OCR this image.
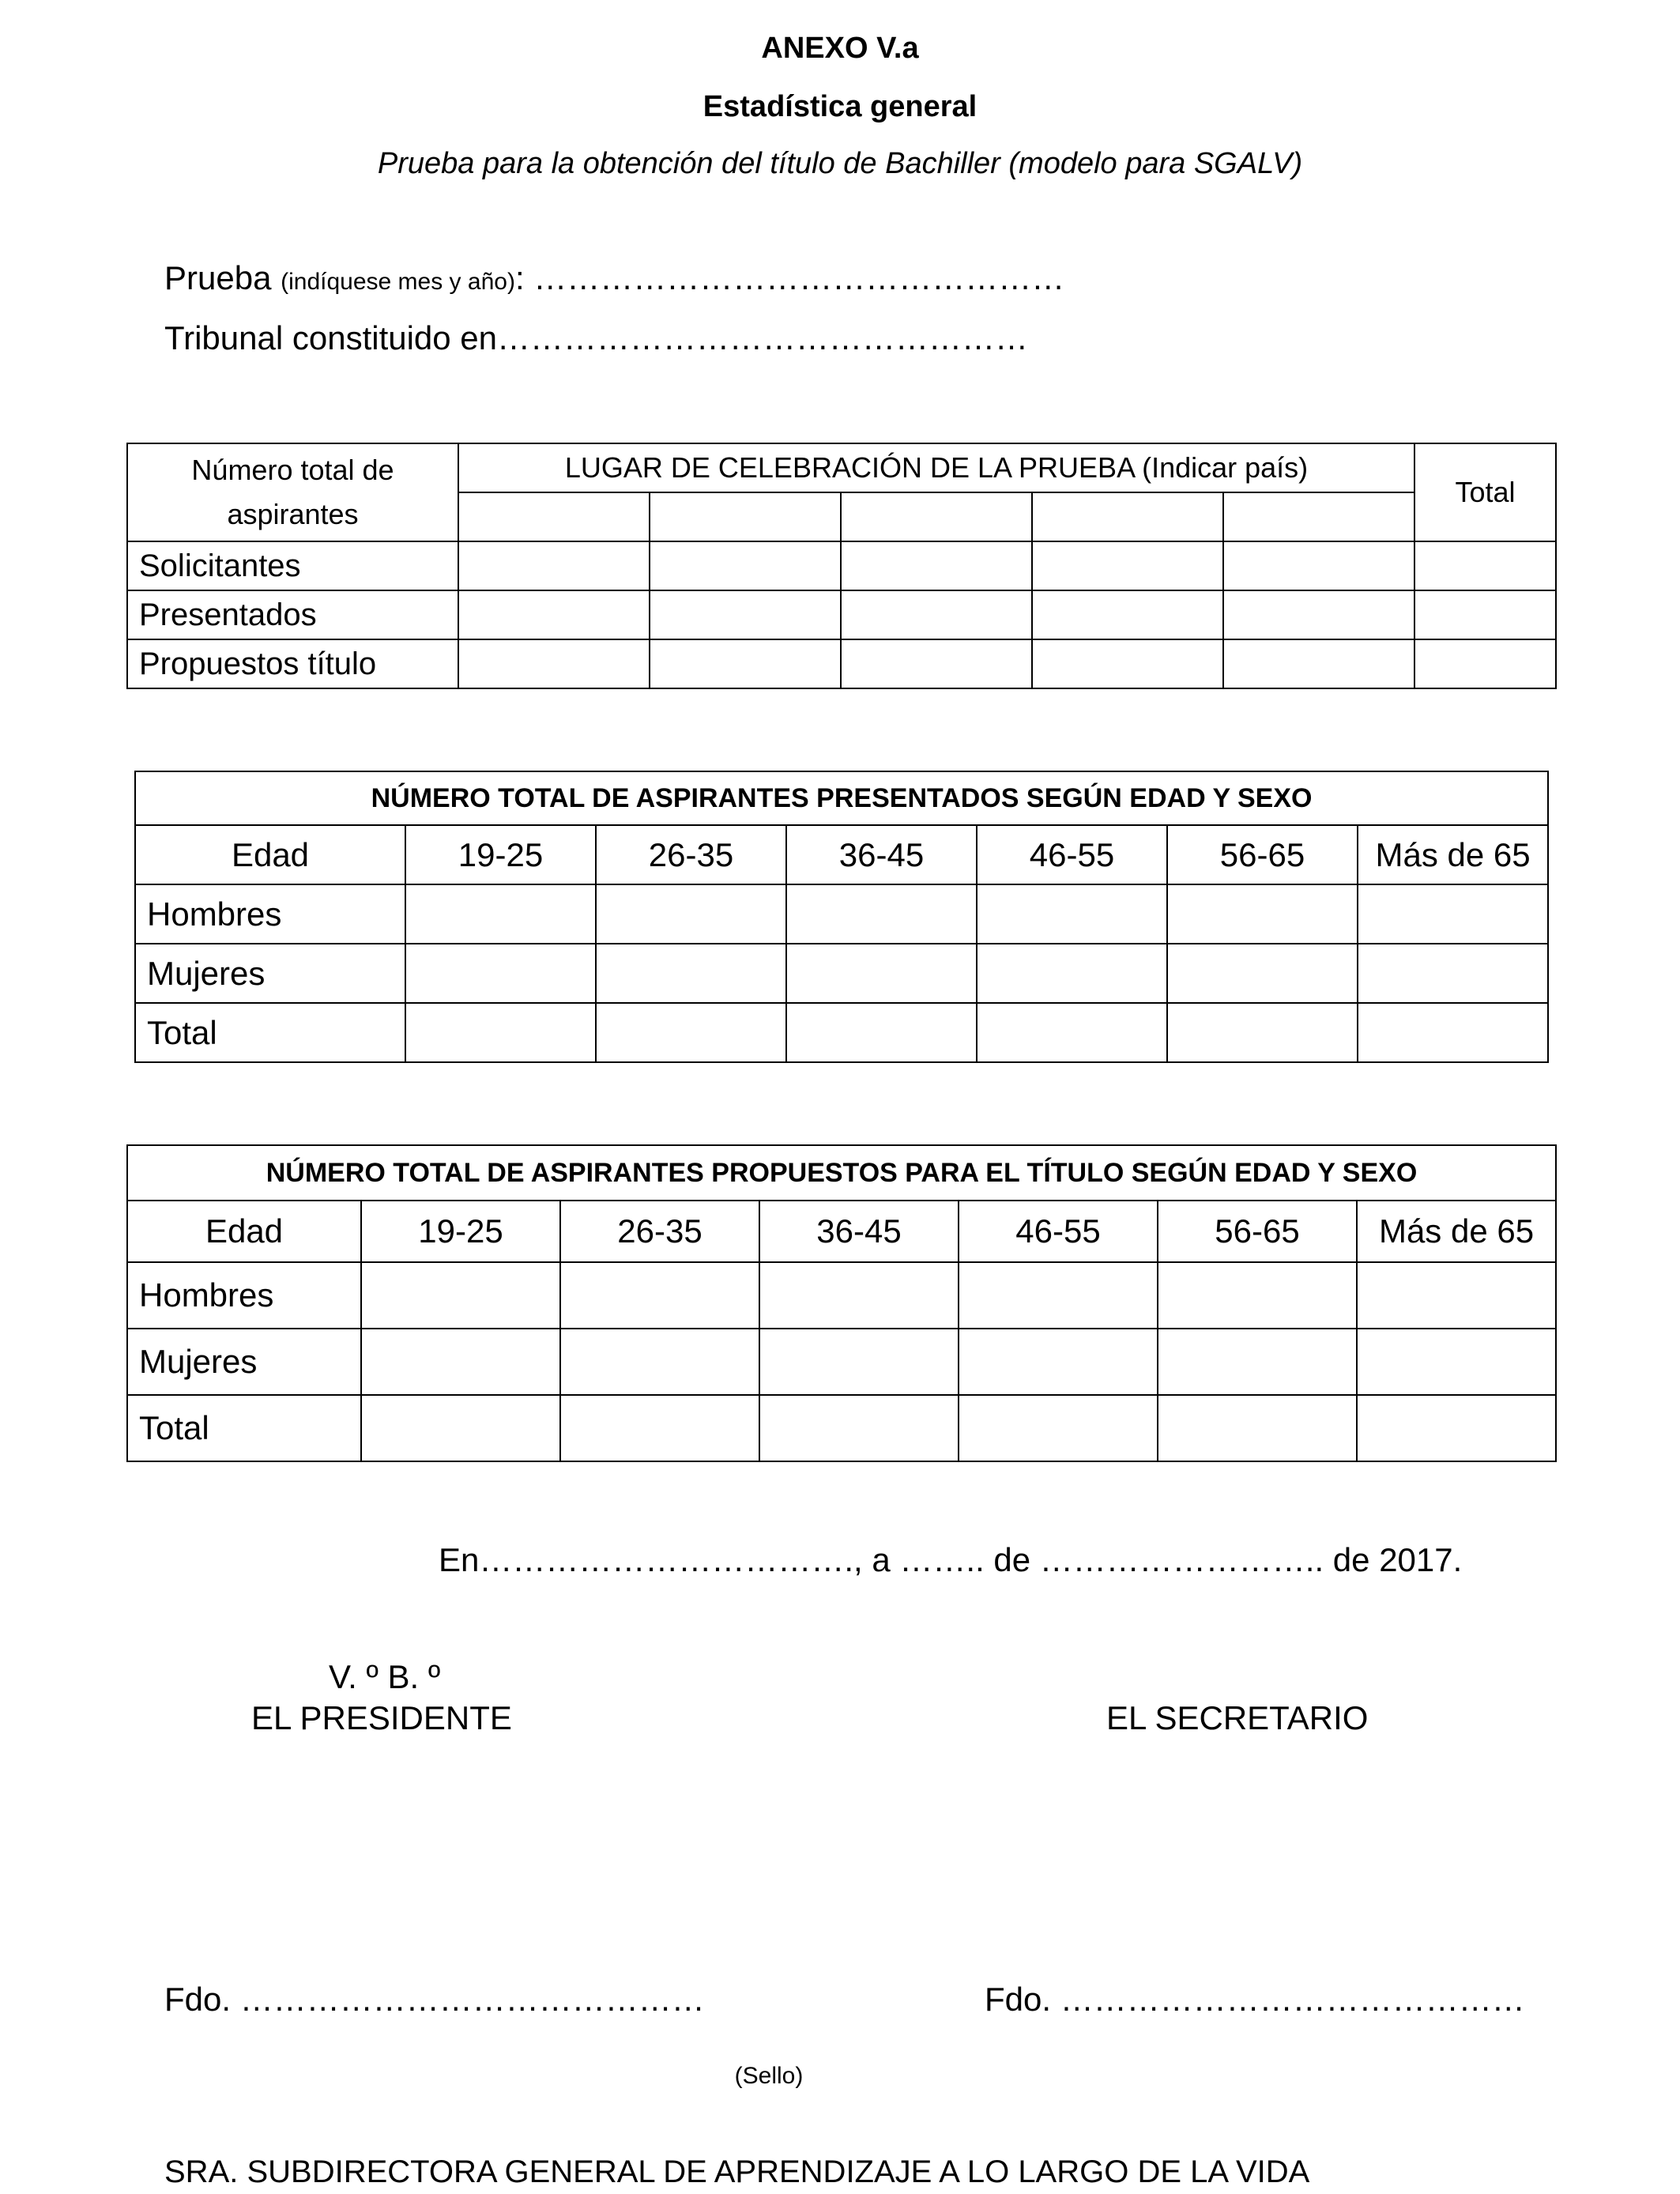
ANEXO V.a
Estadística general
Prueba para la obtención del título de Bachiller (modelo para SGALV)
Prueba (indíquese mes y año): …………………………………………
Tribunal constituido en…………………………………………
Número total de aspirantes	LUGAR DE CELEBRACIÓN DE LA PRUEBA (Indicar país)					Total

Solicitantes						
Presentados						
Propuestos título						
NÚMERO TOTAL DE ASPIRANTES PRESENTADOS SEGÚN EDAD Y SEXO						
Edad	19-25	26-35	36-45	46-55	56-65	Más de 65
Hombres						
Mujeres						
Total						
NÚMERO TOTAL DE ASPIRANTES PROPUESTOS PARA EL TÍTULO SEGÚN EDAD Y SEXO						
Edad	19-25	26-35	36-45	46-55	56-65	Más de 65
Hombres						
Mujeres						
Total						
En……………………………., a …….. de …………………….. de 2017.
V. º B. º
EL PRESIDENTE	EL SECRETARIO
Fdo. ……………………………………	Fdo. ……………………………………
(Sello)
SRA. SUBDIRECTORA GENERAL DE APRENDIZAJE A LO LARGO DE LA VIDA
